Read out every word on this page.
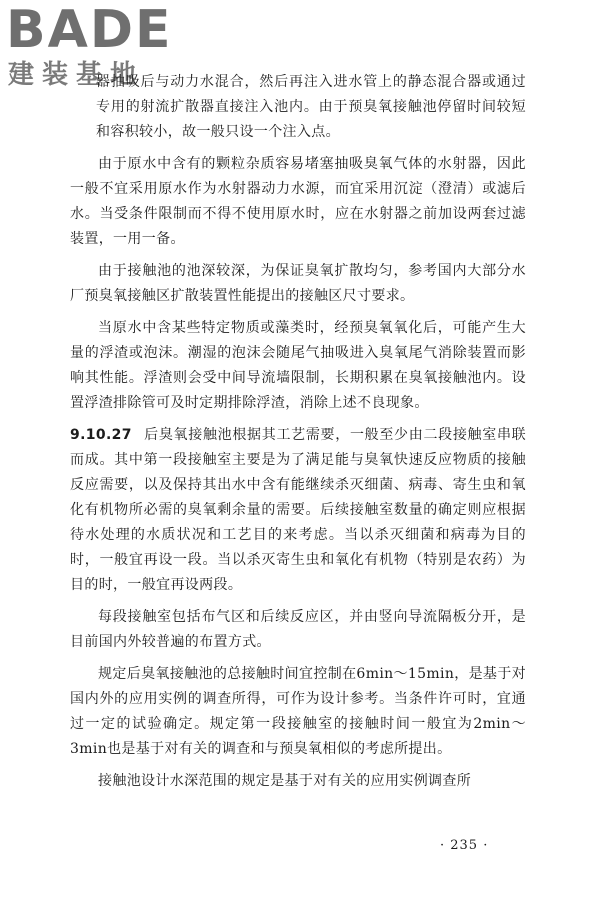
BADE
建装基地

器抽吸后与动力水混合，然后再注入进水管上的静态混合器或通过专用的射流扩散器直接注入池内。由于预臭氧接触池停留时间较短和容积较小，故一般只设一个注入点。

由于原水中含有的颗粒杂质容易堵塞抽吸臭氧气体的水射器，因此一般不宜采用原水作为水射器动力水源，而宜采用沉淀（澄清）或滤后水。当受条件限制而不得不使用原水时，应在水射器之前加设两套过滤装置，一用一备。

由于接触池的池深较深，为保证臭氧扩散均匀，参考国内大部分水厂预臭氧接触区扩散装置性能提出的接触区尺寸要求。

当原水中含某些特定物质或藻类时，经预臭氧氧化后，可能产生大量的浮渣或泡沫。潮湿的泡沫会随尾气抽吸进入臭氧尾气消除装置而影响其性能。浮渣则会受中间导流墙限制，长期积累在臭氧接触池内。设置浮渣排除管可及时定期排除浮渣，消除上述不良现象。

9.10.27 后臭氧接触池根据其工艺需要，一般至少由二段接触室串联而成。其中第一段接触室主要是为了满足能与臭氧快速反应物质的接触反应需要，以及保持其出水中含有能继续杀灭细菌、病毒、寄生虫和氧化有机物所必需的臭氧剩余量的需要。后续接触室数量的确定则应根据待水处理的水质状况和工艺目的来考虑。当以杀灭细菌和病毒为目的时，一般宜再设一段。当以杀灭寄生虫和氧化有机物（特别是农药）为目的时，一般宜再设两段。

每段接触室包括布气区和后续反应区，并由竖向导流隔板分开，是目前国内外较普遍的布置方式。

规定后臭氧接触池的总接触时间宜控制在6min～15min，是基于对国内外的应用实例的调查所得，可作为设计参考。当条件许可时，宜通过一定的试验确定。规定第一段接触室的接触时间一般宜为2min～3min也是基于对有关的调查和与预臭氧相似的考虑所提出。

接触池设计水深范围的规定是基于对有关的应用实例调查所

· 235 ·
